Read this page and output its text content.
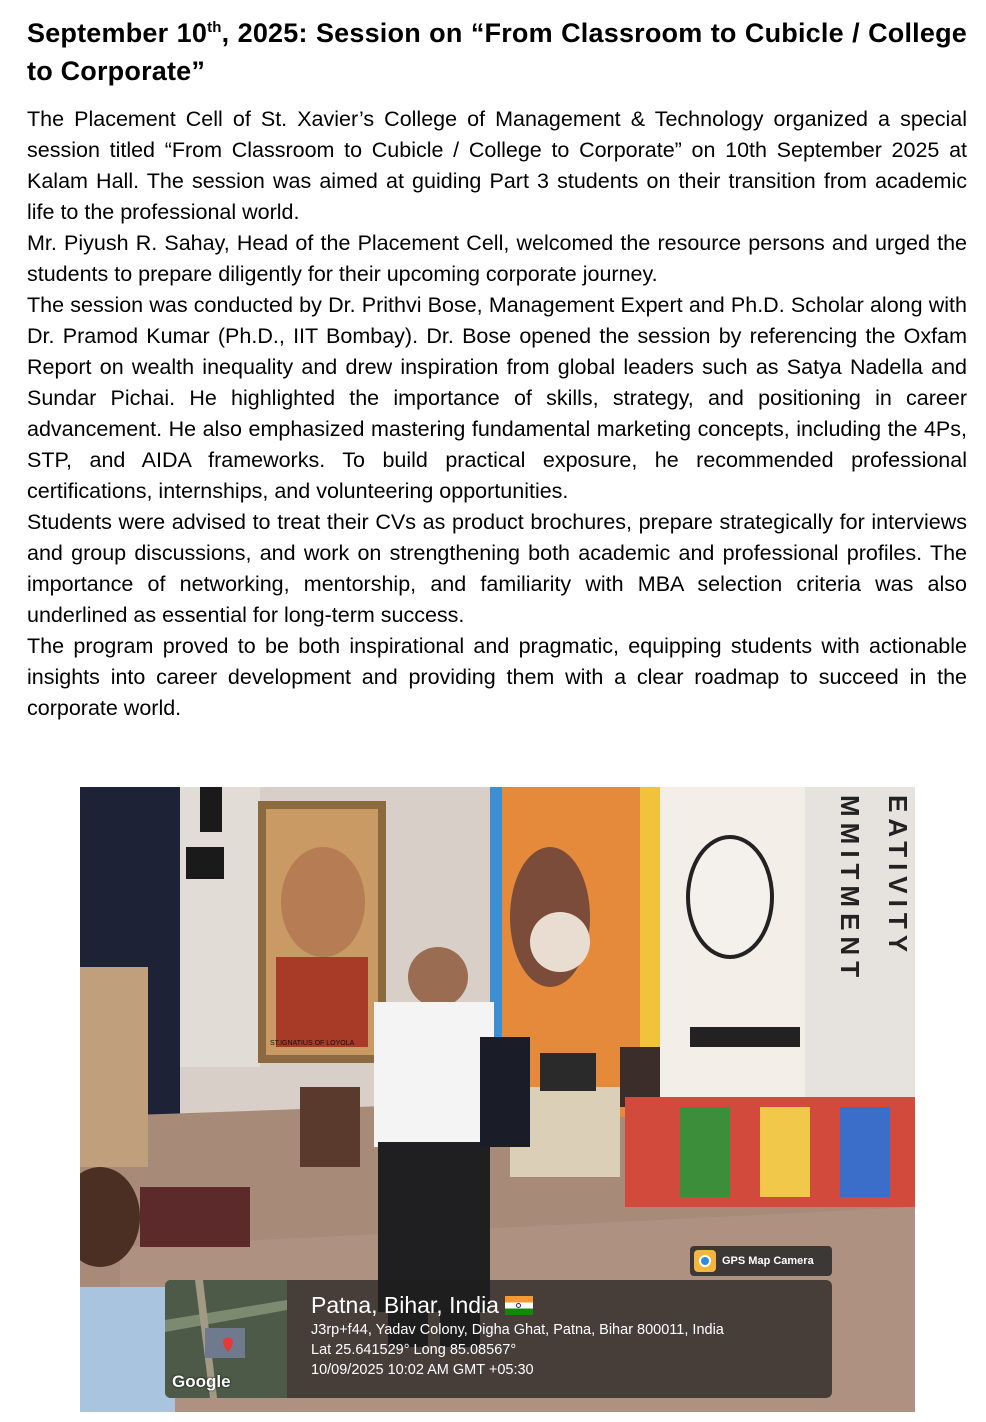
September 10th, 2025: Session on “From Classroom to Cubicle / College to Corporate”

The Placement Cell of St. Xavier’s College of Management & Technology organized a special session titled “From Classroom to Cubicle / College to Corporate” on 10th September 2025 at Kalam Hall. The session was aimed at guiding Part 3 students on their transition from academic life to the professional world.

Mr. Piyush R. Sahay, Head of the Placement Cell, welcomed the resource persons and urged the students to prepare diligently for their upcoming corporate journey.

The session was conducted by Dr. Prithvi Bose, Management Expert and Ph.D. Scholar along with Dr. Pramod Kumar (Ph.D., IIT Bombay). Dr. Bose opened the session by referencing the Oxfam Report on wealth inequality and drew inspiration from global leaders such as Satya Nadella and Sundar Pichai. He highlighted the importance of skills, strategy, and positioning in career advancement. He also emphasized mastering fundamental marketing concepts, including the 4Ps, STP, and AIDA frameworks. To build practical exposure, he recommended professional certifications, internships, and volunteering opportunities.

Students were advised to treat their CVs as product brochures, prepare strategically for interviews and group discussions, and work on strengthening both academic and professional profiles. The importance of networking, mentorship, and familiarity with MBA selection criteria was also underlined as essential for long-term success.

The program proved to be both inspirational and pragmatic, equipping students with actionable insights into career development and providing them with a clear roadmap to succeed in the corporate world.

ST.IGNATIUS OF LOYOLA
MMITMENT EATIVITY
GPS Map Camera
Google
Patna, Bihar, India
J3rp+f44, Yadav Colony, Digha Ghat, Patna, Bihar 800011, India
Lat 25.641529° Long 85.08567°
10/09/2025 10:02 AM GMT +05:30
